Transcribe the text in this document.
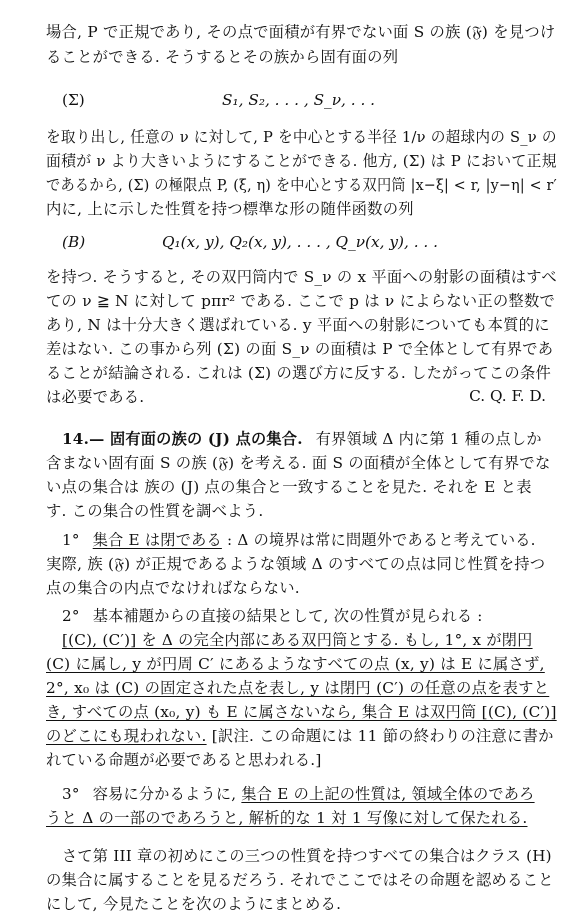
場合, P で正規であり, その点で面積が有界でない面 S の族 (𝔉) を見つけ
ることができる. そうするとその族から固有面の列
(Σ)	S₁, S₂, . . . , S_ν, . . .
を取り出し, 任意の ν に対して, P を中心とする半径 1/ν の超球内の S_ν の
面積が ν より大きいようにすることができる. 他方, (Σ) は P において正規
であるから, (Σ) の極限点 P, (ξ, η) を中心とする双円筒 |x−ξ| < r, |y−η| < r′
内に, 上に示した性質を持つ標準な形の随伴函数の列
(B)	Q₁(x, y), Q₂(x, y), . . . , Q_ν(x, y), . . .
を持つ. そうすると, その双円筒内で S_ν の x 平面への射影の面積はすべ
ての ν ≧ N に対して pπr² である. ここで p は ν によらない正の整数で
あり, N は十分大きく選ばれている. y 平面への射影についても本質的に
差はない. この事から列 (Σ) の面 S_ν の面積は P で全体として有界であ
ることが結論される. これは (Σ) の選び方に反する. したがってこの条件
は必要である.	C. Q. F. D.
14.— 固有面の族の (J) 点の集合. 有界領域 Δ 内に第 1 種の点しか
含まない固有面 S の族 (𝔉) を考える. 面 S の面積が全体として有界でな
い点の集合は 族の (J) 点の集合と一致することを見た. それを E と表
す. この集合の性質を調べよう.
1° 集合 E は閉である : Δ の境界は常に問題外であると考えている.
実際, 族 (𝔉) が正規であるような領域 Δ のすべての点は同じ性質を持つ
点の集合の内点でなければならない.
2° 基本補題からの直接の結果として, 次の性質が見られる :
[(C), (C′)] を Δ の完全内部にある双円筒とする. もし, 1°, x が閉円
(C) に属し, y が円周 C′ にあるようなすべての点 (x, y) は E に属さず,
2°, x₀ は (C) の固定された点を表し, y は閉円 (C′) の任意の点を表すと
き, すべての点 (x₀, y) も E に属さないなら, 集合 E は双円筒 [(C), (C′)]
のどこにも現われない. [訳注. この命題には 11 節の終わりの注意に書か
れている命題が必要であると思われる.]
3° 容易に分かるように, 集合 E の上記の性質は, 領域全体のであろ
うと Δ の一部のであろうと, 解析的な 1 対 1 写像に対して保たれる.
さて第 III 章の初めにこの三つの性質を持つすべての集合はクラス (H)
の集合に属することを見るだろう. それでここではその命題を認めること
にして, 今見たことを次のようにまとめる.
